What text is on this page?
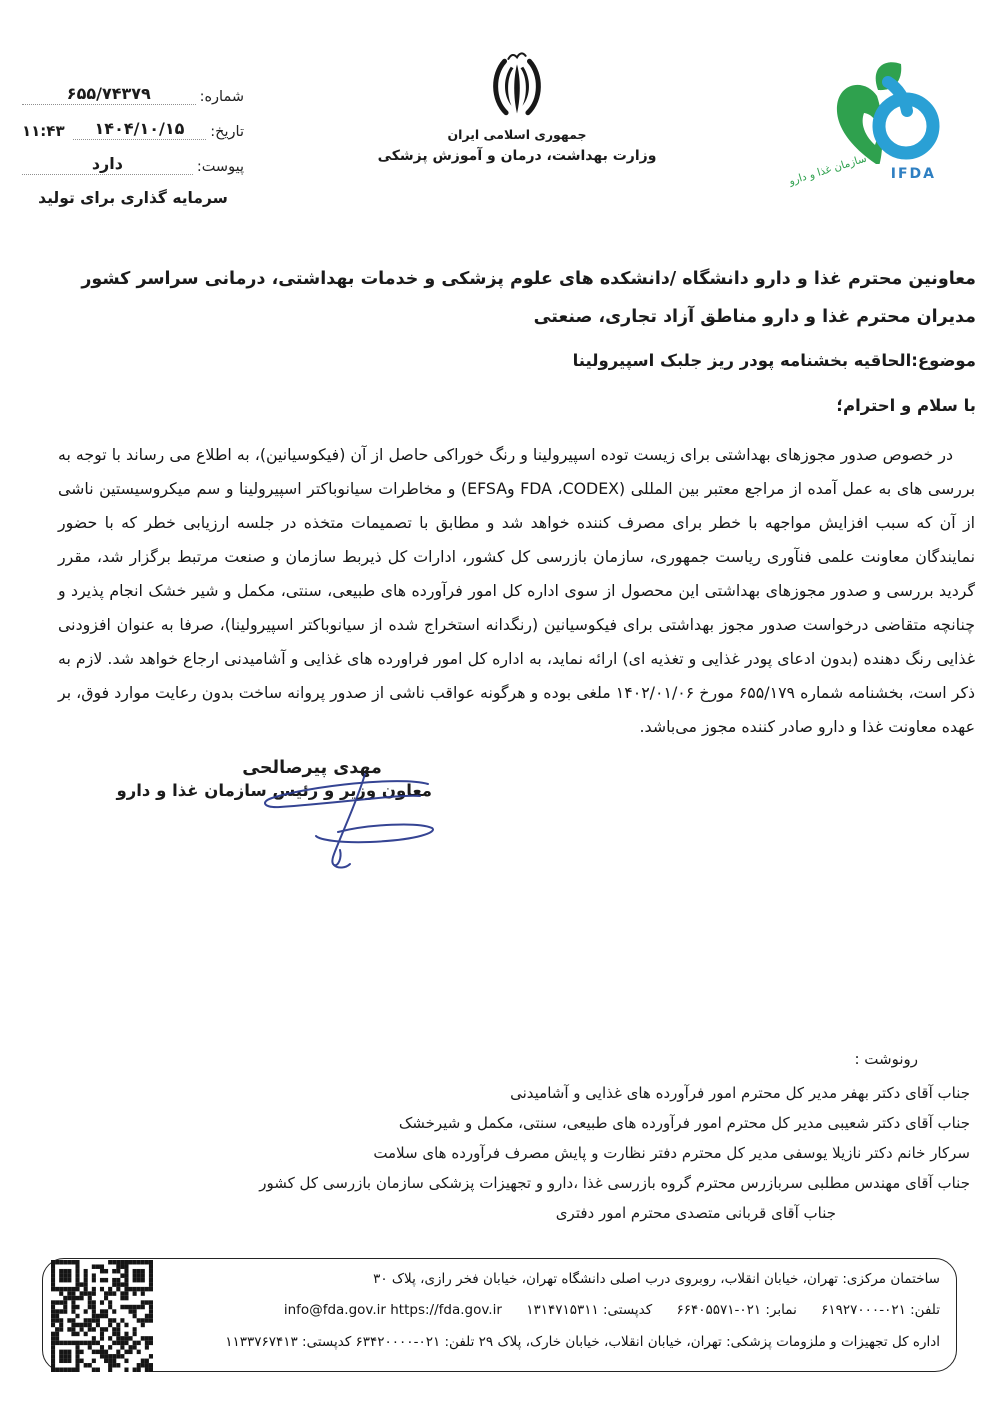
شماره:
۶۵۵/۷۴۳۷۹
تاریخ:
۱۴۰۴/۱۰/۱۵
۱۱:۴۳
پیوست:
دارد
سرمایه گذاری برای تولید
جمهوری اسلامی ایران
وزارت بهداشت، درمان و آموزش پزشکی	سازمان غذا و دارو IFDA

معاونین محترم غذا و دارو دانشگاه /دانشکده های علوم پزشکی و خدمات بهداشتی، درمانی سراسر کشور

مدیران محترم غذا و دارو مناطق آزاد تجاری، صنعتی

موضوع:الحاقیه بخشنامه پودر ریز جلبک اسپیرولینا

با سلام و احترام؛

در خصوص صدور مجوزهای بهداشتی برای زیست توده اسپیرولینا و رنگ خوراکی حاصل از آن (فیکوسیانین)، به اطلاع می رساند با توجه به بررسی های به عمل آمده از مراجع معتبر بین المللی (CODEX،‏ FDA وEFSA) و مخاطرات سیانوباکتر اسپیرولینا و سم میکروسیستین ناشی از آن که سبب افزایش مواجهه با خطر برای مصرف کننده خواهد شد و مطابق با تصمیمات متخذه در جلسه ارزیابی خطر که با حضور نمایندگان معاونت علمی فنآوری ریاست جمهوری، سازمان بازرسی کل کشور، ادارات کل ذیربط سازمان و صنعت مرتبط برگزار شد، مقرر گردید بررسی و صدور مجوزهای بهداشتی این محصول از سوی اداره کل امور فرآورده های طبیعی، سنتی، مکمل و شیر خشک انجام پذیرد و چنانچه متقاضی درخواست صدور مجوز بهداشتی برای فیکوسیانین (رنگدانه استخراج شده از سیانوباکتر اسپیرولینا)، صرفا به عنوان افزودنی غذایی رنگ دهنده (بدون ادعای پودر غذایی و تغذیه ای) ارائه نماید، به اداره کل امور فراورده های غذایی و آشامیدنی ارجاع خواهد شد. لازم به ذکر است، بخشنامه شماره ۶۵۵/۱۷۹ مورخ ۱۴۰۲/۰۱/۰۶ ملغی بوده و هرگونه عواقب ناشی از صدور پروانه ساخت بدون رعایت موارد فوق، بر عهده معاونت غذا و دارو صادر کننده مجوز می‌باشد.

مهدی پیرصالحی
معاون وزیر و رئیس سازمان غذا و دارو
رونوشت :
جناب آقای دکتر بهفر مدیر کل محترم امور فرآورده های غذایی و آشامیدنی
جناب آقای دکتر شعیبی مدیر کل محترم امور فرآورده های طبیعی، سنتی، مکمل و شیرخشک
سرکار خانم دکتر نازیلا یوسفی مدیر کل محترم دفتر نظارت و پایش مصرف فرآورده های سلامت
جناب آقای مهندس مطلبی سربازرس محترم گروه بازرسی غذا ،دارو و تجهیزات پزشکی سازمان بازرسی کل کشور
جناب آقای قربانی متصدی محترم امور دفتری
ساختمان مرکزی: تهران، خیابان انقلاب، روبروی درب اصلی دانشگاه تهران، خیابان فخر رازی، پلاک ۳۰
تلفن: ۰۲۱-۶۱۹۲۷۰۰۰ نمابر: ۰۲۱-۶۶۴۰۵۵۷۱ کدپستی: ۱۳۱۴۷۱۵۳۱۱ info@fda.gov.ir https://fda.gov.ir
اداره کل تجهیزات و ملزومات پزشکی: تهران، خیابان انقلاب، خیابان خارک، پلاک ۲۹ تلفن: ۰۲۱-۶۳۴۲۰۰۰۰ کدپستی: ۱۱۳۳۷۶۷۴۱۳
